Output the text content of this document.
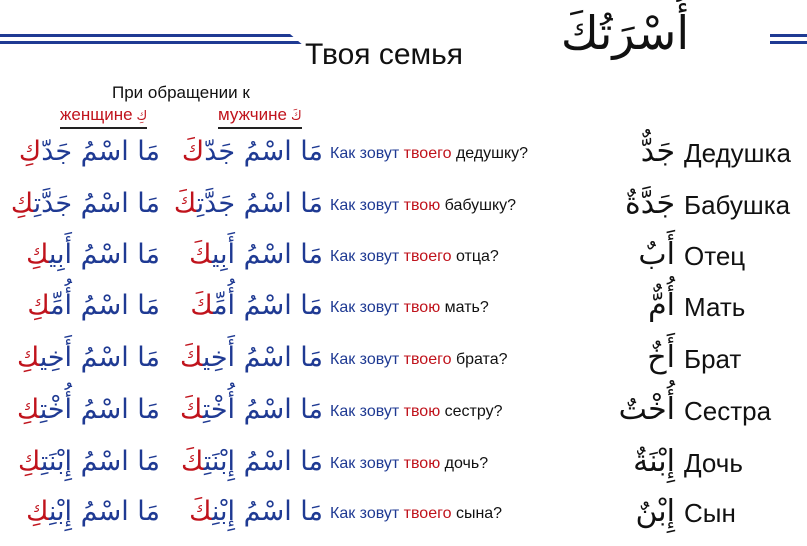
Твоя семья أُسْرَتُكَ
При обращении к
женщине كِ	мужчине كَ
مَا اسْمُ جَدّكِ	مَا اسْمُ جَدّكَ	Как зовут твоего дедушку?	جَدٌّ Дедушка
مَا اسْمُ جَدَّتِكِ	مَا اسْمُ جَدَّتِكَ	Как зовут твою бабушку?	جَدَّةٌ Бабушка
مَا اسْمُ أَبِيكِ	مَا اسْمُ أَبِيكَ	Как зовут твоего отца?	أَبٌ Отец
مَا اسْمُ أُمِّكِ	مَا اسْمُ أُمِّكَ	Как зовут твою мать?	أُمٌّ Мать
مَا اسْمُ أَخِيكِ	مَا اسْمُ أَخِيكَ	Как зовут твоего брата?	أَخٌ Брат
مَا اسْمُ أُخْتِكِ	مَا اسْمُ أُخْتِكَ	Как зовут твою сестру?	أُخْتٌ Сестра
مَا اسْمُ إِبْنَتِكِ	مَا اسْمُ إِبْنَتِكَ	Как зовут твою дочь?	إِبْنَةٌ Дочь
مَا اسْمُ إِبْنِكِ	مَا اسْمُ إِبْنِكَ	Как зовут твоего сына?	إِبْنٌ Сын
